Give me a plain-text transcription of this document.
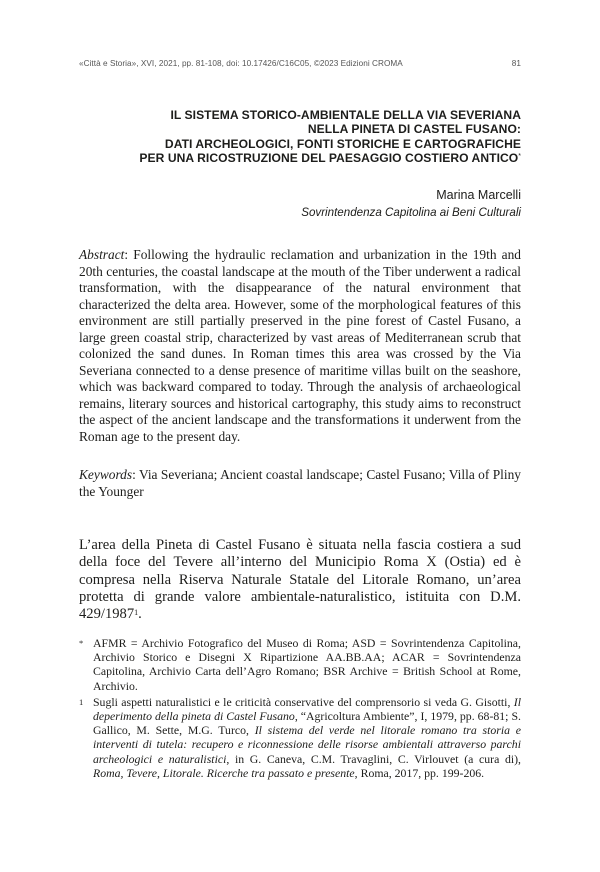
«Città e Storia», XVI, 2021, pp. 81-108, doi: 10.17426/C16C05, ©2023 Edizioni CROMA	81
IL SISTEMA STORICO-AMBIENTALE DELLA VIA SEVERIANA
NELLA PINETA DI CASTEL FUSANO:
DATI ARCHEOLOGICI, FONTI STORICHE E CARTOGRAFICHE
PER UNA RICOSTRUZIONE DEL PAESAGGIO COSTIERO ANTICO*
Marina Marcelli
Sovrintendenza Capitolina ai Beni Culturali
Abstract: Following the hydraulic reclamation and urbanization in the 19th and 20th centuries, the coastal landscape at the mouth of the Tiber underwent a radical transformation, with the disappearance of the natural environment that characterized the delta area. However, some of the morphological features of this environment are still partially preserved in the pine forest of Castel Fusano, a large green coastal strip, characterized by vast areas of Mediterranean scrub that colonized the sand dunes. In Roman times this area was crossed by the Via Severiana connected to a dense presence of maritime villas built on the seashore, which was backward compared to today. Through the analysis of archaeological remains, literary sources and historical cartography, this study aims to reconstruct the aspect of the ancient landscape and the transformations it underwent from the Roman age to the present day.
Keywords: Via Severiana; Ancient coastal landscape; Castel Fusano; Villa of Pliny the Younger
L’area della Pineta di Castel Fusano è situata nella fascia costiera a sud della foce del Tevere all’interno del Municipio Roma X (Ostia) ed è compresa nella Riserva Naturale Statale del Litorale Romano, un’area protetta di grande valore ambientale-naturalistico, istituita con D.M. 429/1987$^1$.
* AFMR = Archivio Fotografico del Museo di Roma; ASD = Sovrintendenza Capitolina, Archivio Storico e Disegni X Ripartizione AA.BB.AA; ACAR = Sovrintendenza Capitolina, Archivio Carta dell’Agro Romano; BSR Archive = British School at Rome, Archivio.
1 Sugli aspetti naturalistici e le criticità conservative del comprensorio si veda G. Gisotti, Il deperimento della pineta di Castel Fusano, “Agricoltura Ambiente”, I, 1979, pp. 68-81; S. Gallico, M. Sette, M.G. Turco, Il sistema del verde nel litorale romano tra storia e interventi di tutela: recupero e riconnessione delle risorse ambientali attraverso parchi archeologici e naturalistici, in G. Caneva, C.M. Travaglini, C. Virlouvet (a cura di), Roma, Tevere, Litorale. Ricerche tra passato e presente, Roma, 2017, pp. 199-206.
